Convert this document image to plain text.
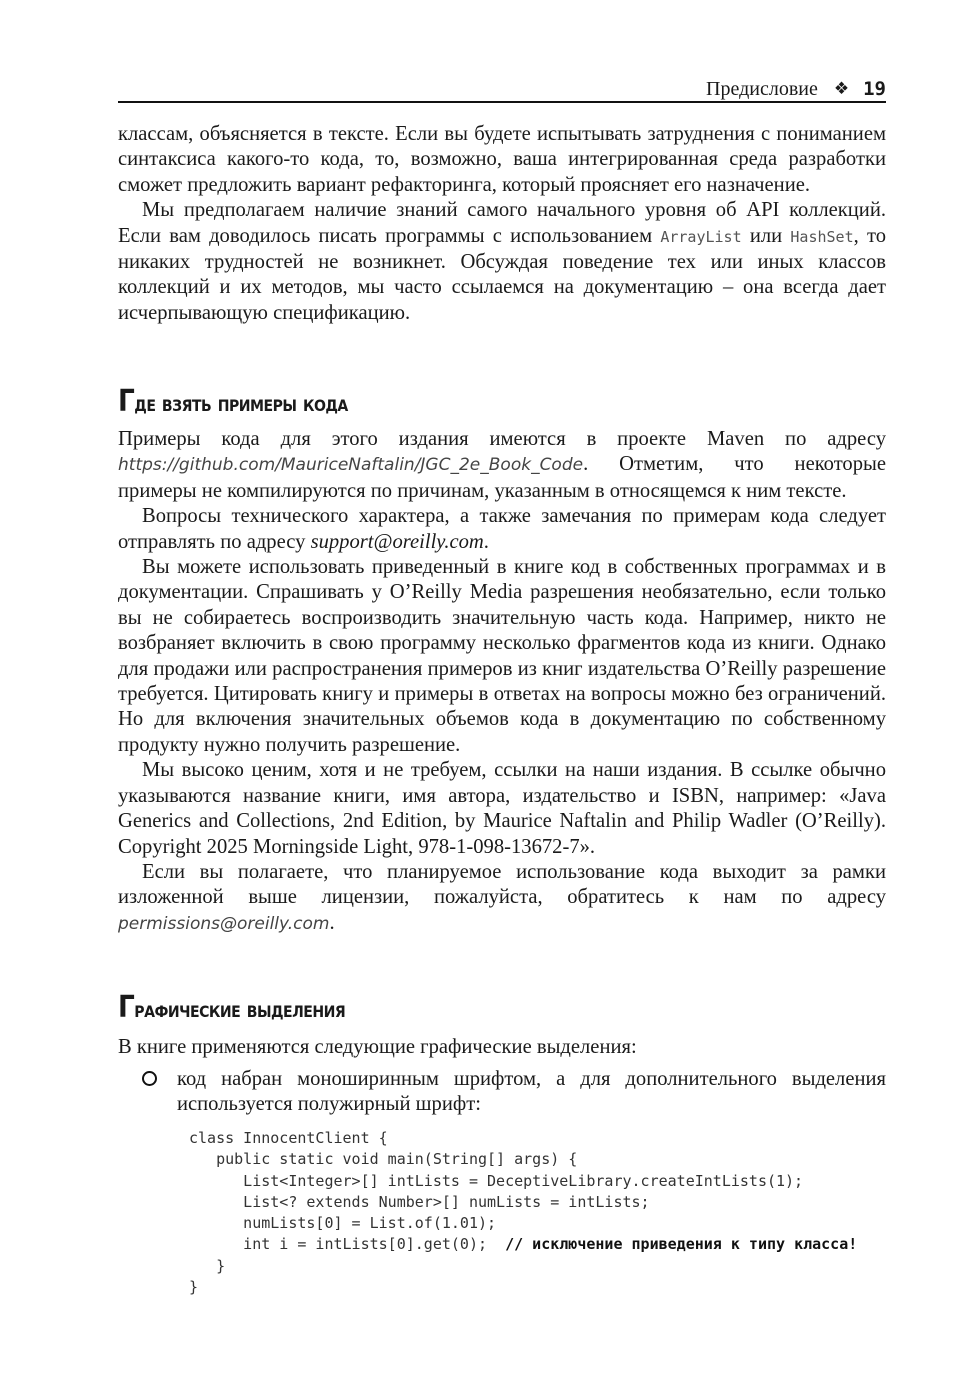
Предисловие ❖ 19

классам, объясняется в тексте. Если вы будете испытывать затруднения с пониманием синтаксиса какого-то кода, то, возможно, ваша интегрированная среда разработки сможет предложить вариант рефакторинга, который проясняет его назначение.

Мы предполагаем наличие знаний самого начального уровня об API коллекций. Если вам доводилось писать программы с использованием ArrayList или HashSet, то никаких трудностей не возникнет. Обсуждая поведение тех или иных классов коллекций и их методов, мы часто ссылаемся на документацию – она всегда дает исчерпывающую спецификацию.

Где взять примеры кода

Примеры кода для этого издания имеются в проекте Maven по адресу https://github.com/MauriceNaftalin/JGC_2e_Book_Code. Отметим, что некоторые примеры не компилируются по причинам, указанным в относящемся к ним тексте.

Вопросы технического характера, а также замечания по примерам кода следует отправлять по адресу support@oreilly.com.

Вы можете использовать приведенный в книге код в собственных программах и в документации. Спрашивать у O’Reilly Media разрешения необязательно, если только вы не собираетесь воспроизводить значительную часть кода. Например, никто не возбраняет включить в свою программу несколько фрагментов кода из книги. Однако для продажи или распространения примеров из книг издательства O’Reilly разрешение требуется. Цитировать книгу и примеры в ответах на вопросы можно без ограничений. Но для включения значительных объемов кода в документацию по собственному продукту нужно получить разрешение.

Мы высоко ценим, хотя и не требуем, ссылки на наши издания. В ссылке обычно указываются название книги, имя автора, издательство и ISBN, например: «Java Generics and Collections, 2nd Edition, by Maurice Naftalin and Philip Wadler (O’Reilly). Copyright 2025 Morningside Light, 978-1-098-13672-7».

Если вы полагаете, что планируемое использование кода выходит за рамки изложенной выше лицензии, пожалуйста, обратитесь к нам по адресу permissions@oreilly.com.

Графические выделения

В книге применяются следующие графические выделения:

код набран моноширинным шрифтом, а для дополнительного выделения используется полужирный шрифт:
class InnocentClient {
public static void main(String[] args) {
List<Integer>[] intLists = DeceptiveLibrary.createIntLists(1);
List<? extends Number>[] numLists = intLists;
numLists[0] = List.of(1.01);
int i = intLists[0].get(0);  // исключение приведения к типу класса!
}
}
